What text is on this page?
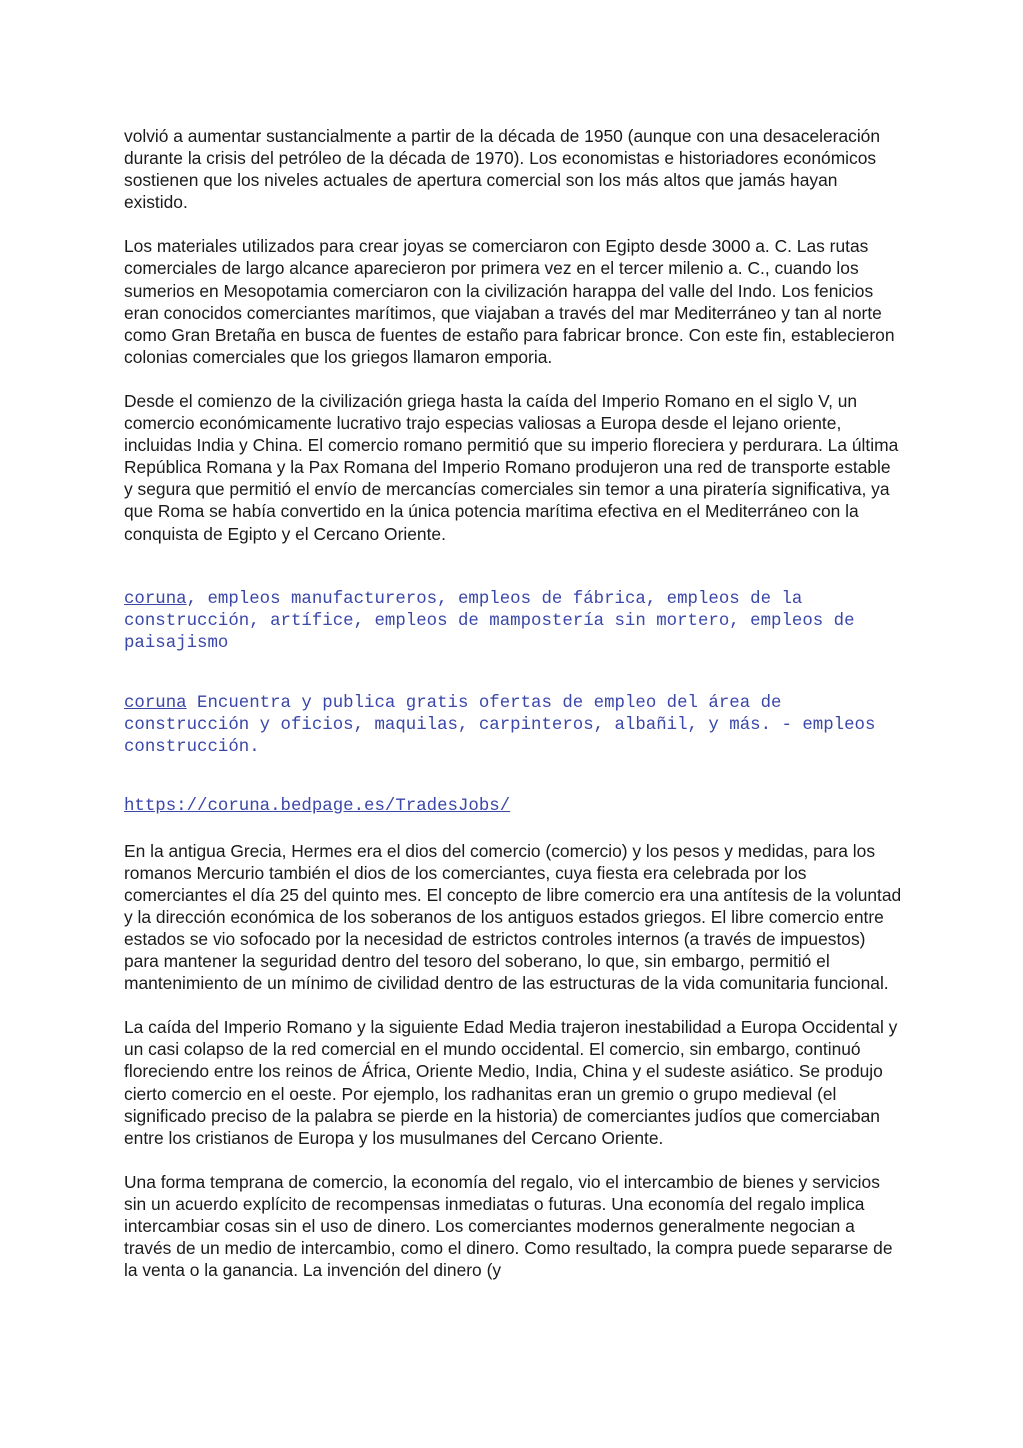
volvió a aumentar sustancialmente a partir de la década de 1950 (aunque con una desaceleración durante la crisis del petróleo de la década de 1970). Los economistas e historiadores económicos sostienen que los niveles actuales de apertura comercial son los más altos que jamás hayan existido.

Los materiales utilizados para crear joyas se comerciaron con Egipto desde 3000 a. C. Las rutas comerciales de largo alcance aparecieron por primera vez en el tercer milenio a. C., cuando los sumerios en Mesopotamia comerciaron con la civilización harappa del valle del Indo. Los fenicios eran conocidos comerciantes marítimos, que viajaban a través del mar Mediterráneo y tan al norte como Gran Bretaña en busca de fuentes de estaño para fabricar bronce. Con este fin, establecieron colonias comerciales que los griegos llamaron emporia.

Desde el comienzo de la civilización griega hasta la caída del Imperio Romano en el siglo V, un comercio económicamente lucrativo trajo especias valiosas a Europa desde el lejano oriente, incluidas India y China. El comercio romano permitió que su imperio floreciera y perdurara. La última República Romana y la Pax Romana del Imperio Romano produjeron una red de transporte estable y segura que permitió el envío de mercancías comerciales sin temor a una piratería significativa, ya que Roma se había convertido en la única potencia marítima efectiva en el Mediterráneo con la conquista de Egipto y el Cercano Oriente.

coruna, empleos manufactureros, empleos de fábrica, empleos de la construcción, artífice, empleos de mampostería sin mortero, empleos de paisajismo

coruna Encuentra y publica gratis ofertas de empleo del área de construcción y oficios, maquilas, carpinteros, albañil, y más. - empleos construcción.

https://coruna.bedpage.es/TradesJobs/

En la antigua Grecia, Hermes era el dios del comercio (comercio) y los pesos y medidas, para los romanos Mercurio también el dios de los comerciantes, cuya fiesta era celebrada por los comerciantes el día 25 del quinto mes. El concepto de libre comercio era una antítesis de la voluntad y la dirección económica de los soberanos de los antiguos estados griegos. El libre comercio entre estados se vio sofocado por la necesidad de estrictos controles internos (a través de impuestos) para mantener la seguridad dentro del tesoro del soberano, lo que, sin embargo, permitió el mantenimiento de un mínimo de civilidad dentro de las estructuras de la vida comunitaria funcional.

La caída del Imperio Romano y la siguiente Edad Media trajeron inestabilidad a Europa Occidental y un casi colapso de la red comercial en el mundo occidental. El comercio, sin embargo, continuó floreciendo entre los reinos de África, Oriente Medio, India, China y el sudeste asiático. Se produjo cierto comercio en el oeste. Por ejemplo, los radhanitas eran un gremio o grupo medieval (el significado preciso de la palabra se pierde en la historia) de comerciantes judíos que comerciaban entre los cristianos de Europa y los musulmanes del Cercano Oriente.

Una forma temprana de comercio, la economía del regalo, vio el intercambio de bienes y servicios sin un acuerdo explícito de recompensas inmediatas o futuras. Una economía del regalo implica intercambiar cosas sin el uso de dinero. Los comerciantes modernos generalmente negocian a través de un medio de intercambio, como el dinero. Como resultado, la compra puede separarse de la venta o la ganancia. La invención del dinero (y
